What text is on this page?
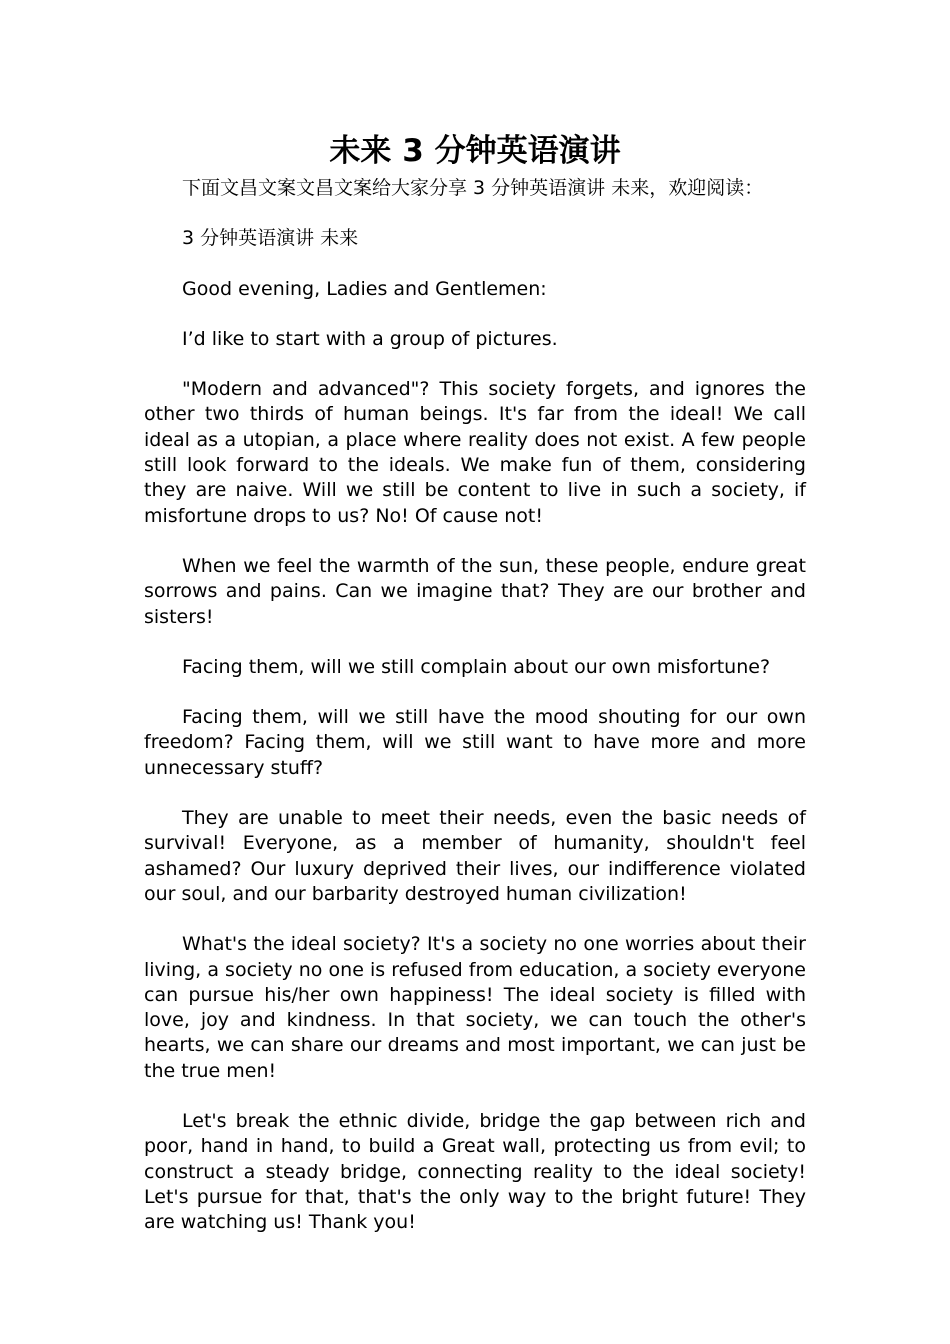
未来 3 分钟英语演讲

下面文昌文案文昌文案给大家分享 3 分钟英语演讲 未来，欢迎阅读：

3 分钟英语演讲 未来

Good evening, Ladies and Gentlemen:

I’d like to start with a group of pictures.

"Modern and advanced"? This society forgets, and ignores the other two thirds of human beings. It's far from the ideal! We call ideal as a utopian, a place where reality does not exist. A few people still look forward to the ideals. We make fun of them, considering they are naive. Will we still be content to live in such a society, if misfortune drops to us? No! Of cause not!

When we feel the warmth of the sun, these people, endure great sorrows and pains. Can we imagine that? They are our brother and sisters!

Facing them, will we still complain about our own misfortune?

Facing them, will we still have the mood shouting for our own freedom? Facing them, will we still want to have more and more unnecessary stuff?

They are unable to meet their needs, even the basic needs of survival! Everyone, as a member of humanity, shouldn't feel ashamed? Our luxury deprived their lives, our indifference violated our soul, and our barbarity destroyed human civilization!

What's the ideal society? It's a society no one worries about their living, a society no one is refused from education, a society everyone can pursue his/her own happiness! The ideal society is filled with love, joy and kindness. In that society, we can touch the other's hearts, we can share our dreams and most important, we can just be the true men!

Let's break the ethnic divide, bridge the gap between rich and poor, hand in hand, to build a Great wall, protecting us from evil; to construct a steady bridge, connecting reality to the ideal society! Let's pursue for that, that's the only way to the bright future! They are watching us! Thank you!
